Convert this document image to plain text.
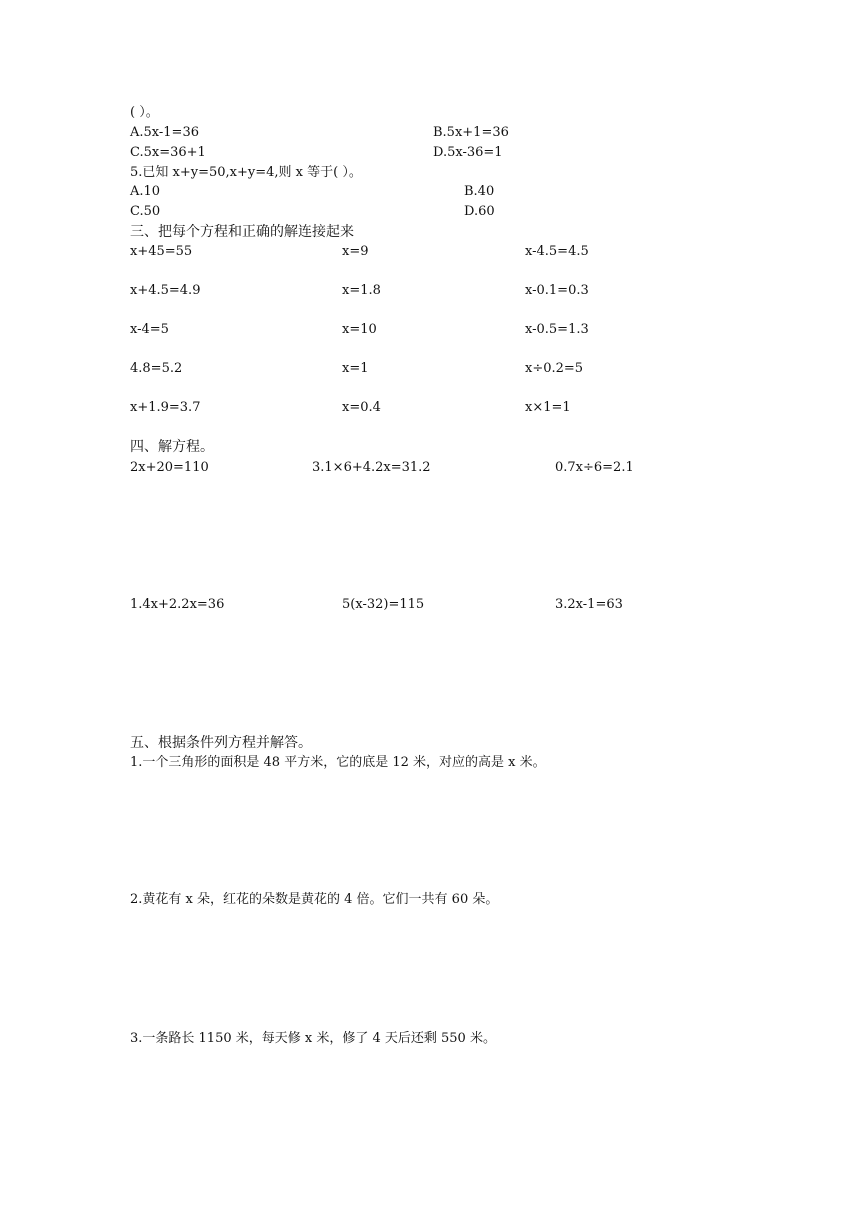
( ）。
A.5x-1=36	B.5x+1=36
C.5x=36+1	D.5x-36=1
5.已知 x+y=50,x+y=4,则 x 等于( ）。
A.10	B.40
C.50	D.60
三、把每个方程和正确的解连接起来
x+45=55	x=9	x-4.5=4.5
x+4.5=4.9	x=1.8	x-0.1=0.3
x-4=5	x=10	x-0.5=1.3
4.8=5.2	x=1	x÷0.2=5
x+1.9=3.7	x=0.4	x×1=1
四、解方程。
2x+20=110	3.1×6+4.2x=31.2	0.7x÷6=2.1
1.4x+2.2x=36	5(x-32)=115	3.2x-1=63
五、根据条件列方程并解答。
1.一个三角形的面积是 48 平方米，它的底是 12 米，对应的高是 x 米。
2.黄花有 x 朵，红花的朵数是黄花的 4 倍。它们一共有 60 朵。
3.一条路长 1150 米，每天修 x 米，修了 4 天后还剩 550 米。
